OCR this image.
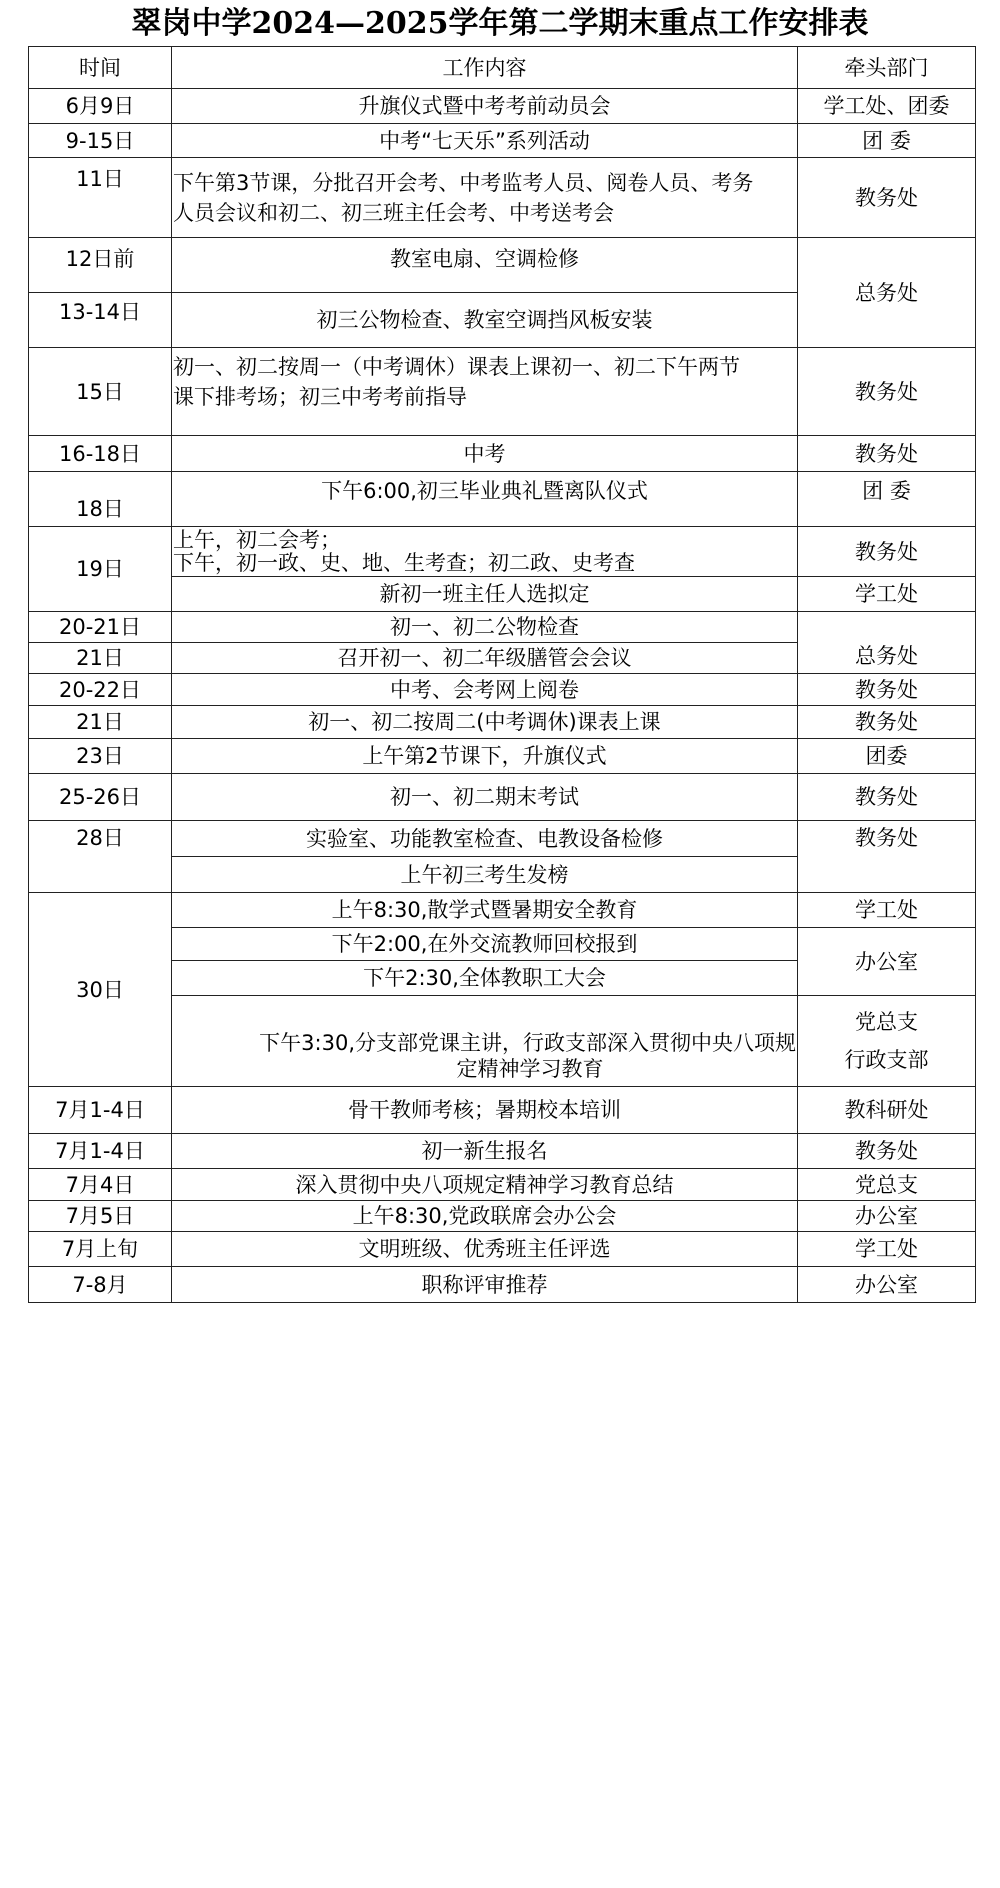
翠岗中学2024—2025学年第二学期末重点工作安排表
时间	工作内容	牵头部门
6月9日	升旗仪式暨中考考前动员会	学工处、团委
9-15日	中考“七天乐”系列活动	团 委
11日	下午第3节课，分批召开会考、中考监考人员、阅卷人员、考务
人员会议和初二、初三班主任会考、中考送考会	教务处
12日前	教室电扇、空调检修	总务处
13-14日	初三公物检查、教室空调挡风板安装	
15日	初一、初二按周一（中考调休）课表上课初一、初二下午两节
课下排考场；初三中考考前指导	教务处
16-18日	中考	教务处
18日	下午6:00,初三毕业典礼暨离队仪式	团 委
19日	上午，初二会考；
下午，初一政、史、地、生考查；初二政、史考查	教务处
	新初一班主任人选拟定	学工处
20-21日	初一、初二公物检查	总务处
21日	召开初一、初二年级膳管会会议	
20-22日	中考、会考网上阅卷	教务处
21日	初一、初二按周二(中考调休)课表上课	教务处
23日	上午第2节课下，升旗仪式	团委
25-26日	初一、初二期末考试	教务处
28日	实验室、功能教室检查、电教设备检修	教务处
	上午初三考生发榜	
30日	上午8:30,散学式暨暑期安全教育	学工处
	下午2:00,在外交流教师回校报到	办公室
	下午2:30,全体教职工大会	

	下午3:30,分支部党课主讲，行政支部深入贯彻中央八项规
定精神学习教育	党总支
行政支部

7月1-4日	骨干教师考核；暑期校本培训	教科研处
7月1-4日	初一新生报名	教务处
7月4日	深入贯彻中央八项规定精神学习教育总结	党总支
7月5日	上午8:30,党政联席会办公会	办公室
7月上旬	文明班级、优秀班主任评选	学工处
7-8月	职称评审推荐	办公室
